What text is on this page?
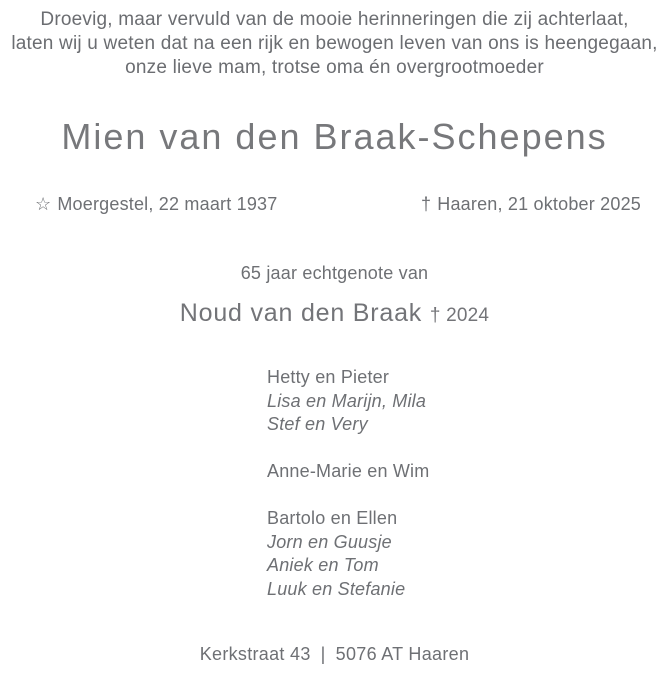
Droevig, maar vervuld van de mooie herinneringen die zij achterlaat,
laten wij u weten dat na een rijk en bewogen leven van ons is heengegaan,
onze lieve mam, trotse oma én overgrootmoeder
Mien van den Braak-Schepens
☆ Moergestel, 22 maart 1937	† Haaren, 21 oktober 2025
65 jaar echtgenote van
Noud van den Braak † 2024
Hetty en Pieter
Lisa en Marijn, Mila
Stef en Very
Anne-Marie en Wim
Bartolo en Ellen
Jorn en Guusje
Aniek en Tom
Luuk en Stefanie
Kerkstraat 43 | 5076 AT Haaren
